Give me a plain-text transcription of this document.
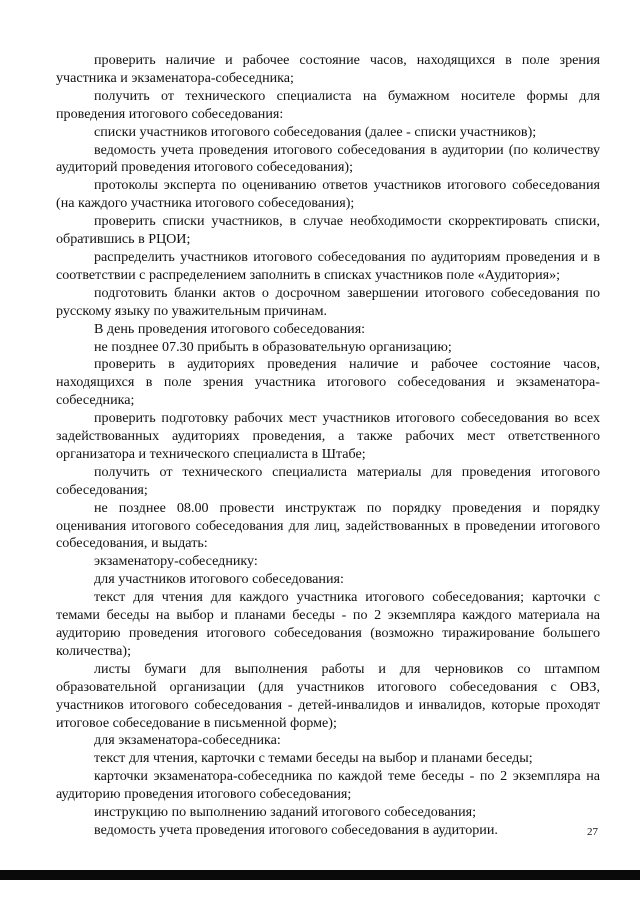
проверить наличие и рабочее состояние часов, находящихся в поле зрения участника и экзаменатора-собеседника;

получить от технического специалиста на бумажном носителе формы для проведения итогового собеседования:

списки участников итогового собеседования (далее - списки участников);

ведомость учета проведения итогового собеседования в аудитории (по количеству аудиторий проведения итогового собеседования);

протоколы эксперта по оцениванию ответов участников итогового собеседования (на каждого участника итогового собеседования);

проверить списки участников, в случае необходимости скорректировать списки, обратившись в РЦОИ;

распределить участников итогового собеседования по аудиториям проведения и в соответствии с распределением заполнить в списках участников поле «Аудитория»;

подготовить бланки актов о досрочном завершении итогового собеседования по русскому языку по уважительным причинам.

В день проведения итогового собеседования:

не позднее 07.30 прибыть в образовательную организацию;

проверить в аудиториях проведения наличие и рабочее состояние часов, находящихся в поле зрения участника итогового собеседования и экзаменатора-собеседника;

проверить подготовку рабочих мест участников итогового собеседования во всех задействованных аудиториях проведения, а также рабочих мест ответственного организатора и технического специалиста в Штабе;

получить от технического специалиста материалы для проведения итогового собеседования;

не позднее 08.00 провести инструктаж по порядку проведения и порядку оценивания итогового собеседования для лиц, задействованных в проведении итогового собеседования, и выдать:

экзаменатору-собеседнику:

для участников итогового собеседования:

текст для чтения для каждого участника итогового собеседования; карточки с темами беседы на выбор и планами беседы - по 2 экземпляра каждого материала на аудиторию проведения итогового собеседования (возможно тиражирование большего количества);

листы бумаги для выполнения работы и для черновиков со штампом образовательной организации (для участников итогового собеседования с ОВЗ, участников итогового собеседования - детей-инвалидов и инвалидов, которые проходят итоговое собеседование в письменной форме);

для экзаменатора-собеседника:

текст для чтения, карточки с темами беседы на выбор и планами беседы;

карточки экзаменатора-собеседника по каждой теме беседы - по 2 экземпляра на аудиторию проведения итогового собеседования;

инструкцию по выполнению заданий итогового собеседования;

ведомость учета проведения итогового собеседования в аудитории.	27
